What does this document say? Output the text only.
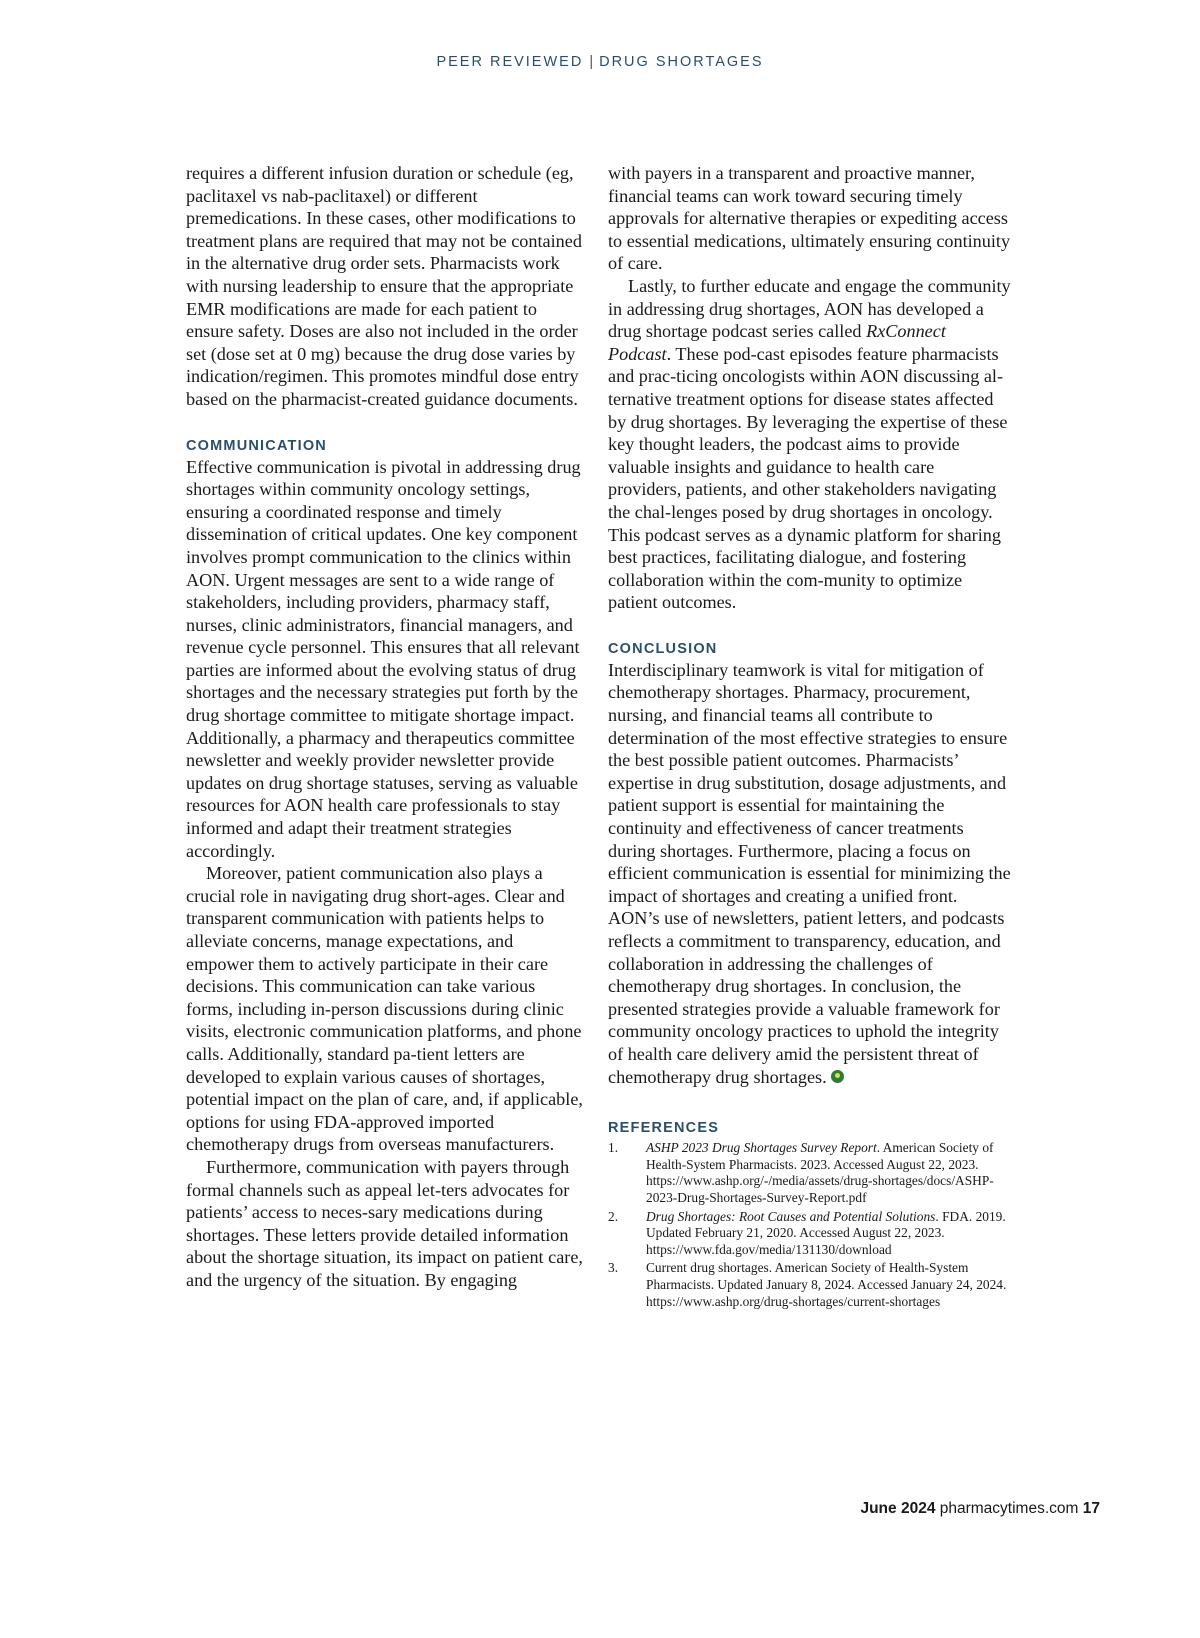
PEER REVIEWED | DRUG SHORTAGES

requires a different infusion duration or schedule (eg, paclitaxel vs nab-paclitaxel) or different premedications. In these cases, other modifications to treatment plans are required that may not be contained in the alternative drug order sets. Pharmacists work with nursing leadership to ensure that the appropriate EMR modifications are made for each patient to ensure safety. Doses are also not included in the order set (dose set at 0 mg) because the drug dose varies by indication/regimen. This promotes mindful dose entry based on the pharmacist-created guidance documents.

COMMUNICATION

Effective communication is pivotal in addressing drug shortages within community oncology settings, ensuring a coordinated response and timely dissemination of critical updates. One key component involves prompt communication to the clinics within AON. Urgent messages are sent to a wide range of stakeholders, including providers, pharmacy staff, nurses, clinic administrators, financial managers, and revenue cycle personnel. This ensures that all relevant parties are informed about the evolving status of drug shortages and the necessary strategies put forth by the drug shortage committee to mitigate shortage impact. Additionally, a pharmacy and therapeutics committee newsletter and weekly provider newsletter provide updates on drug shortage statuses, serving as valuable resources for AON health care professionals to stay informed and adapt their treatment strategies accordingly.

Moreover, patient communication also plays a crucial role in navigating drug short-ages. Clear and transparent communication with patients helps to alleviate concerns, manage expectations, and empower them to actively participate in their care decisions. This communication can take various forms, including in-person discussions during clinic visits, electronic communication platforms, and phone calls. Additionally, standard pa-tient letters are developed to explain various causes of shortages, potential impact on the plan of care, and, if applicable, options for using FDA-approved imported chemotherapy drugs from overseas manufacturers.

Furthermore, communication with payers through formal channels such as appeal let-ters advocates for patients’ access to neces-sary medications during shortages. These letters provide detailed information about the shortage situation, its impact on patient care, and the urgency of the situation. By engaging

with payers in a transparent and proactive manner, financial teams can work toward securing timely approvals for alternative therapies or expediting access to essential medications, ultimately ensuring continuity of care.

Lastly, to further educate and engage the community in addressing drug shortages, AON has developed a drug shortage podcast series called RxConnect Podcast. These pod-cast episodes feature pharmacists and prac-ticing oncologists within AON discussing al-ternative treatment options for disease states affected by drug shortages. By leveraging the expertise of these key thought leaders, the podcast aims to provide valuable insights and guidance to health care providers, patients, and other stakeholders navigating the chal-lenges posed by drug shortages in oncology. This podcast serves as a dynamic platform for sharing best practices, facilitating dialogue, and fostering collaboration within the com-munity to optimize patient outcomes.

CONCLUSION

Interdisciplinary teamwork is vital for mitigation of chemotherapy shortages. Pharmacy, procurement, nursing, and financial teams all contribute to determination of the most effective strategies to ensure the best possible patient outcomes. Pharmacists’ expertise in drug substitution, dosage adjustments, and patient support is essential for maintaining the continuity and effectiveness of cancer treatments during shortages. Furthermore, placing a focus on efficient communication is essential for minimizing the impact of shortages and creating a unified front. AON’s use of newsletters, patient letters, and podcasts reflects a commitment to transparency, education, and collaboration in addressing the challenges of chemotherapy drug shortages. In conclusion, the presented strategies provide a valuable framework for community oncology practices to uphold the integrity of health care delivery amid the persistent threat of chemotherapy drug shortages.

REFERENCES
1. ASHP 2023 Drug Shortages Survey Report. American Society of Health-System Pharmacists. 2023. Accessed August 22, 2023. https://www.ashp.org/-/media/assets/drug-shortages/docs/ASHP-2023-Drug-Shortages-Survey-Report.pdf
2. Drug Shortages: Root Causes and Potential Solutions. FDA. 2019. Updated February 21, 2020. Accessed August 22, 2023. https://www.fda.gov/media/131130/download
3. Current drug shortages. American Society of Health-System Pharmacists. Updated January 8, 2024. Accessed January 24, 2024. https://www.ashp.org/drug-shortages/current-shortages
June 2024 pharmacytimes.com 17
